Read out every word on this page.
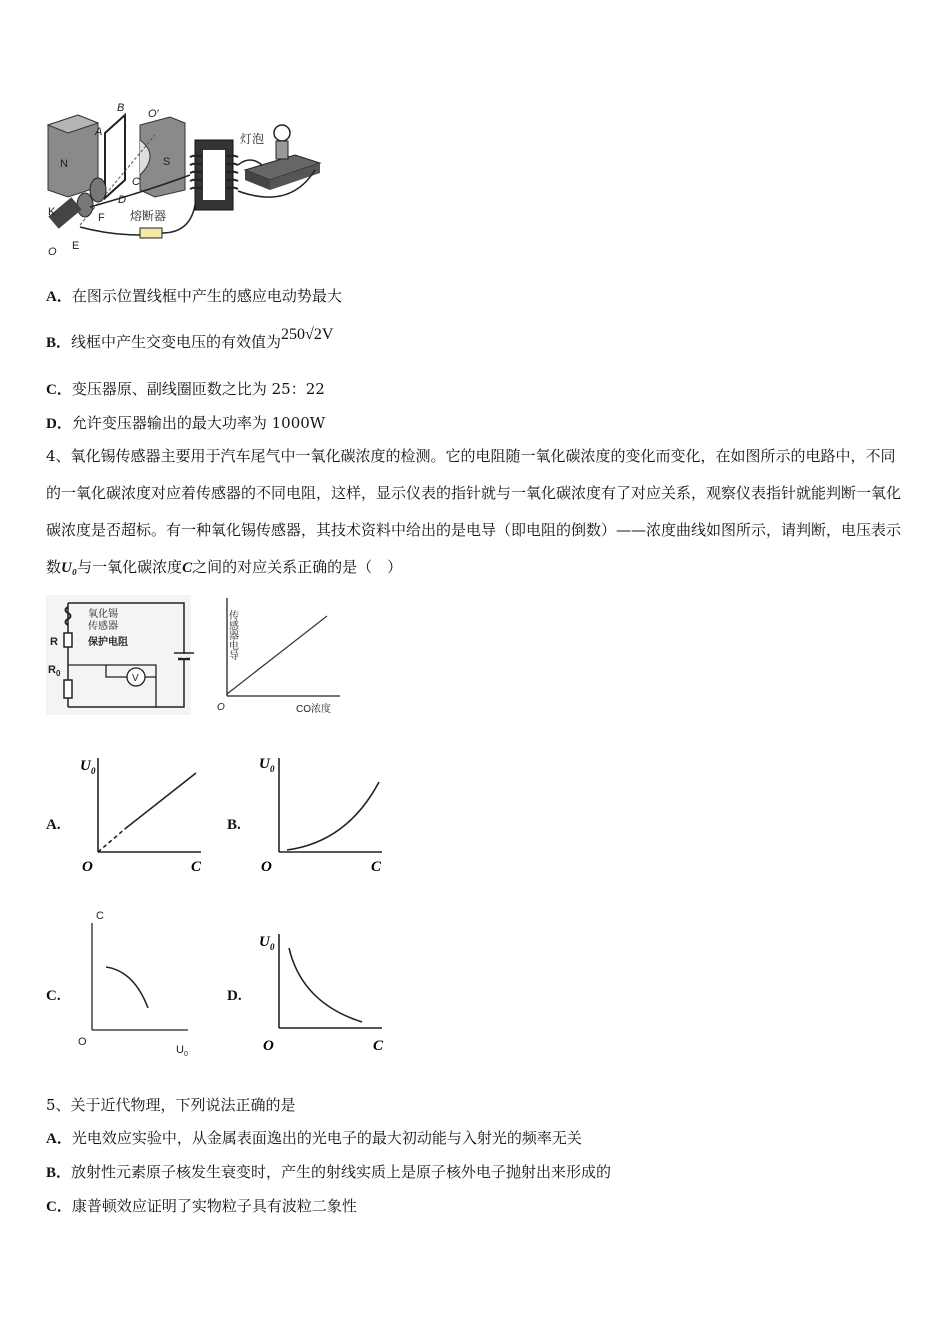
N	S
B O′
A
C
D
K	F
O E
熔断器
灯泡
A．在图示位置线框中产生的感应电动势最大
B．线框中产生交变电压的有效值为250√2V
C．变压器原、副线圈匝数之比为 25：22
D．允许变压器输出的最大功率为 1000W
4、氧化锡传感器主要用于汽车尾气中一氧化碳浓度的检测。它的电阻随一氧化碳浓度的变化而变化，在如图所示的电路中，不同的一氧化碳浓度对应着传感器的不同电阻，这样，显示仪表的指针就与一氧化碳浓度有了对应关系，观察仪表指针就能判断一氧化碳浓度是否超标。有一种氧化锡传感器，其技术资料中给出的是电导（即电阻的倒数）——浓度曲线如图所示，请判断，电压表示数U₀与一氧化碳浓度C之间的对应关系正确的是（　）
氧化锡
传感器
R	保护电阻
R 0	V
传感器电导
CO浓度
O
A.
U 0
C
O
B.
U 0
C
O
C.
C
U 0
O
D.
U 0
C
O
5、关于近代物理，下列说法正确的是
A．光电效应实验中，从金属表面逸出的光电子的最大初动能与入射光的频率无关
B．放射性元素原子核发生衰变时，产生的射线实质上是原子核外电子抛射出来形成的
C．康普顿效应证明了实物粒子具有波粒二象性
